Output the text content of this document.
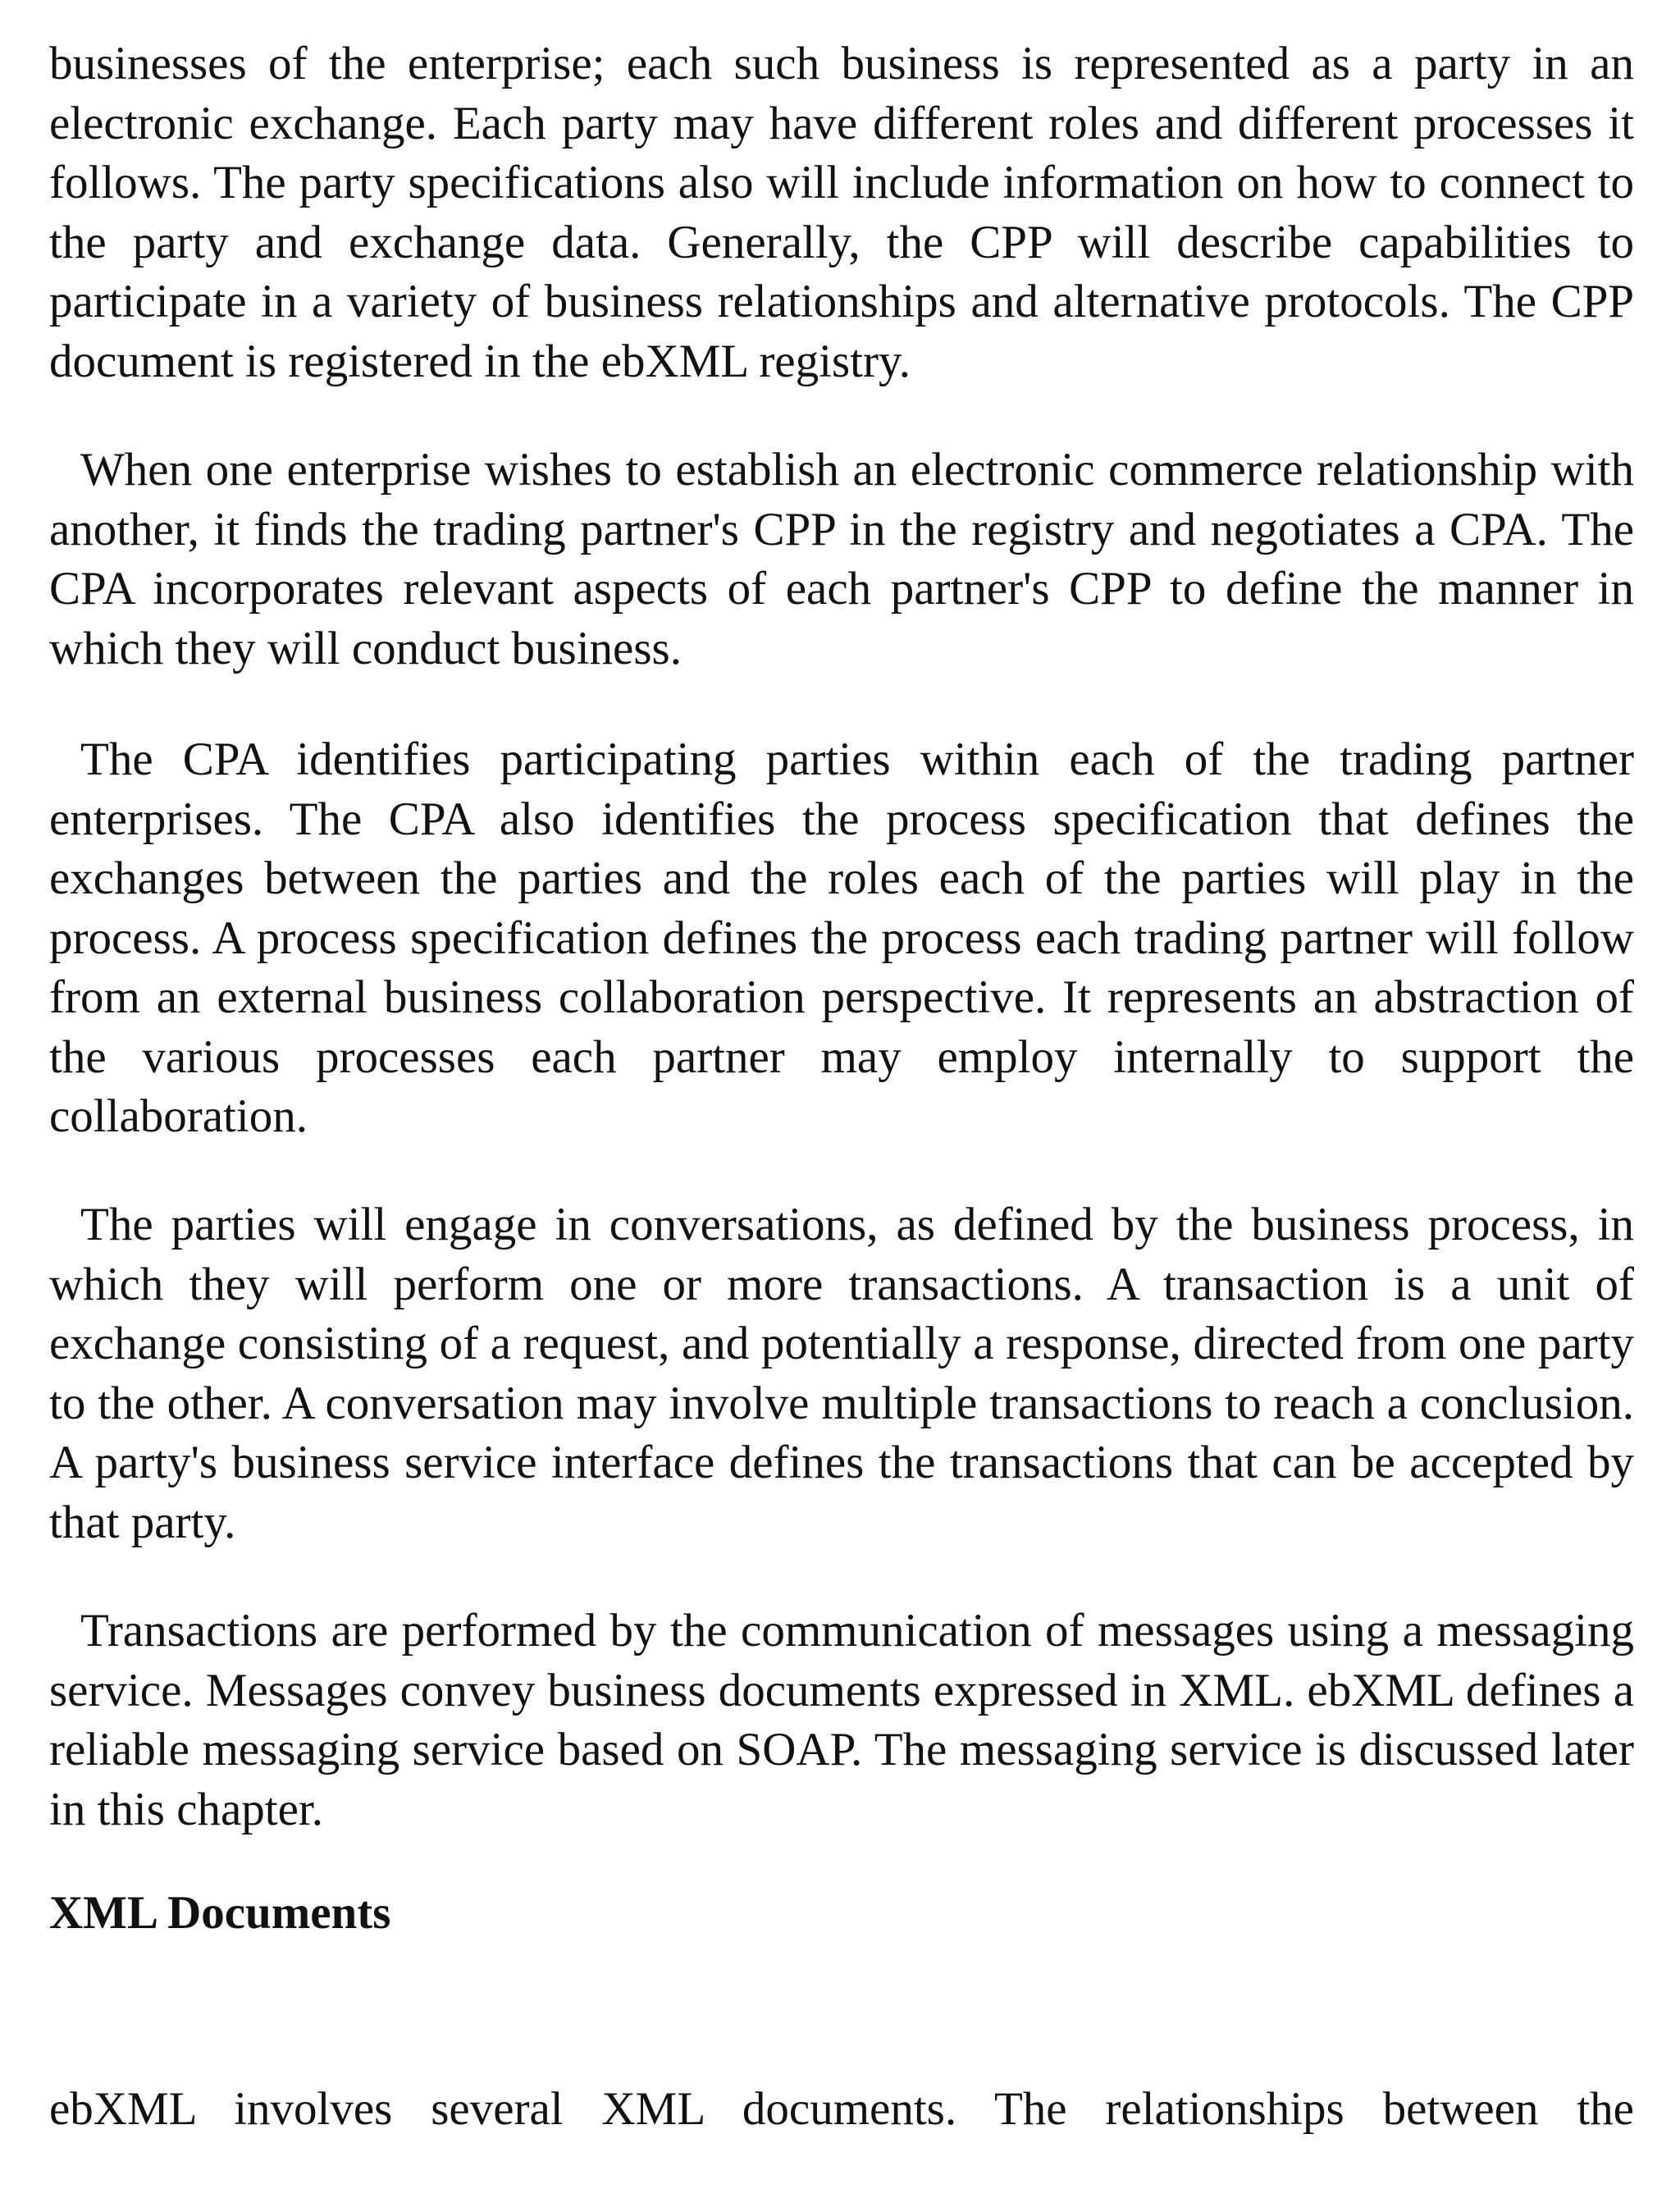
businesses of the enterprise; each such business is represented as a party in an electronic exchange. Each party may have different roles and different processes it follows. The party specifications also will include information on how to connect to the party and exchange data. Generally, the CPP will describe capabilities to participate in a variety of business relationships and alternative protocols. The CPP document is registered in the ebXML registry.

When one enterprise wishes to establish an electronic commerce relationship with another, it finds the trading partner's CPP in the registry and negotiates a CPA. The CPA incorporates relevant aspects of each partner's CPP to define the manner in which they will conduct business.

The CPA identifies participating parties within each of the trading partner enterprises. The CPA also identifies the process specification that defines the exchanges between the parties and the roles each of the parties will play in the process. A process specification defines the process each trading partner will follow from an external business collaboration perspective. It represents an abstraction of the various processes each partner may employ internally to support the collaboration.

The parties will engage in conversations, as defined by the business process, in which they will perform one or more transactions. A transaction is a unit of exchange consisting of a request, and potentially a response, directed from one party to the other. A conversation may involve multiple transactions to reach a conclusion. A party's business service interface defines the transactions that can be accepted by that party.

Transactions are performed by the communication of messages using a messaging service. Messages convey business documents expressed in XML. ebXML defines a reliable messaging service based on SOAP. The messaging service is discussed later in this chapter.

XML Documents

ebXML involves several XML documents. The relationships between the
